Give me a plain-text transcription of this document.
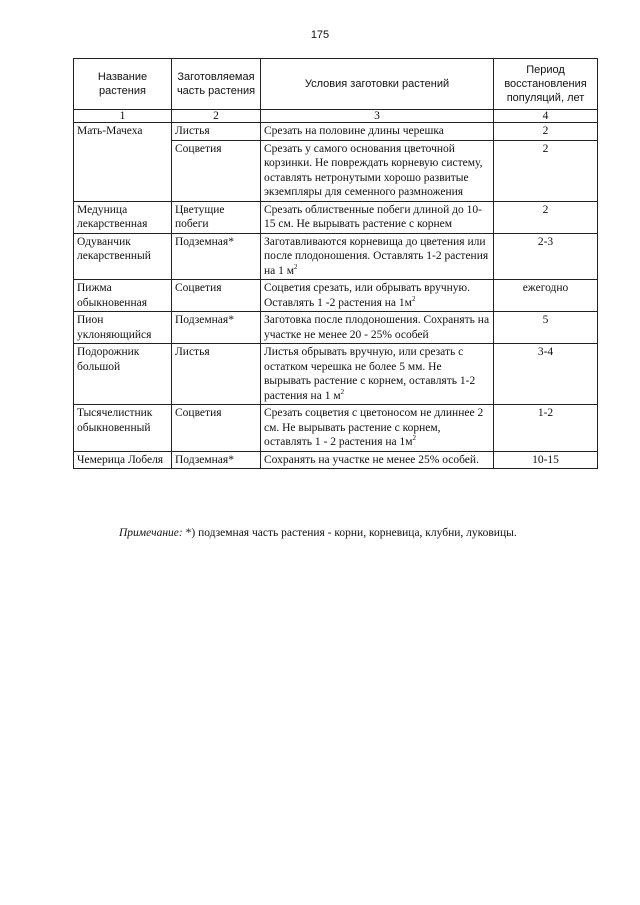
175
Название растения	Заготовляемая часть растения	Условия заготовки растений	Период восстановления популяций, лет
1	2	3	4
Мать-Мачеха	Листья	Срезать на половине длины черешка	2
	Соцветия	Срезать у самого основания цветочной корзинки. Не повреждать корневую систему, оставлять нетронутыми хорошо развитые экземпляры для семенного размножения	2
Медуница лекарственная	Цветущие побеги	Срезать облиственные побеги длиной до 10-15 см. Не вырывать растение с корнем	2
Одуванчик лекарственный	Подземная*	Заготавливаются корневища до цветения или после плодоношения. Оставлять 1-2 растения на 1 $м^2$	2-3
Пижма обыкновенная	Соцветия	Соцветия срезать, или обрывать вручную. Оставлять 1 -2 растения на $1м^2$	ежегодно
Пион уклоняющийся	Подземная*	Заготовка после плодоношения. Сохранять на участке не менее 20 - 25% особей	5
Подорожник большой	Листья	Листья обрывать вручную, или срезать с остатком черешка не более 5 мм. Не вырывать растение с корнем, оставлять 1-2 растения на 1 $м^2$	3-4
Тысячелистник обыкновенный	Соцветия	Срезать соцветия с цветоносом не длиннее 2 см. Не вырывать растение с корнем, оставлять 1 - 2 растения на $1м^2$	1-2
Чемерица Лобеля	Подземная*	Сохранять на участке не менее 25% особей.	10-15
Примечание: *) подземная часть растения - корни, корневица, клубни, луковицы.
